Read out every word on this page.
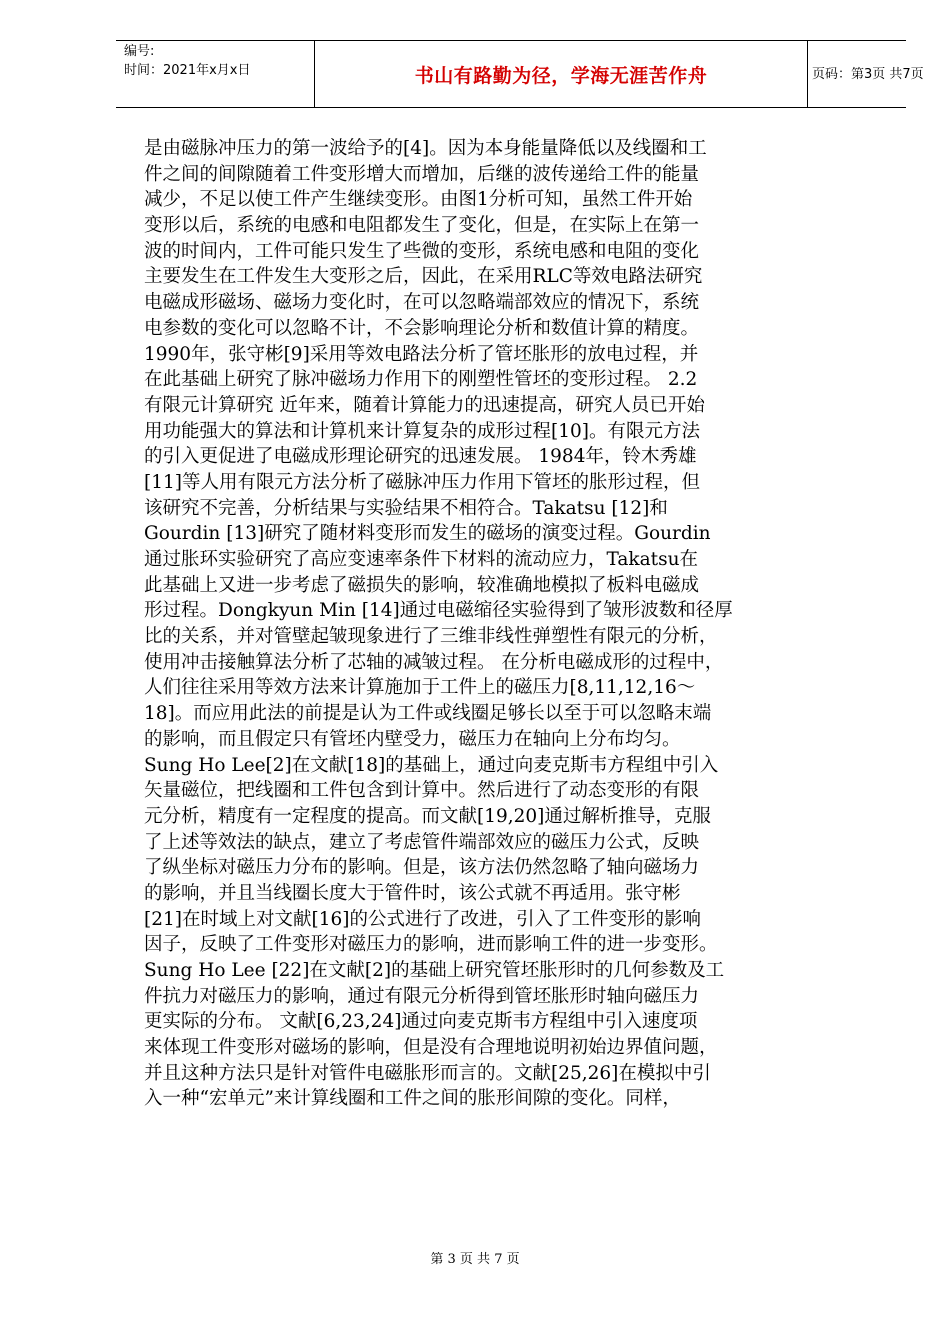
编号:
时间：2021年x月x日	书山有路勤为径，学海无涯苦作舟	页码：第3页 共7页
是由磁脉冲压力的第一波给予的[4]。因为本身能量降低以及线圈和工
件之间的间隙随着工件变形增大而增加，后继的波传递给工件的能量
减少，不足以使工件产生继续变形。由图1分析可知，虽然工件开始
变形以后，系统的电感和电阻都发生了变化，但是，在实际上在第一
波的时间内，工件可能只发生了些微的变形，系统电感和电阻的变化
主要发生在工件发生大变形之后，因此，在采用RLC等效电路法研究
电磁成形磁场、磁场力变化时，在可以忽略端部效应的情况下，系统
电参数的变化可以忽略不计，不会影响理论分析和数值计算的精度。
1990年，张守彬[9]采用等效电路法分析了管坯胀形的放电过程，并
在此基础上研究了脉冲磁场力作用下的刚塑性管坯的变形过程。 2.2
有限元计算研究 近年来，随着计算能力的迅速提高，研究人员已开始
用功能强大的算法和计算机来计算复杂的成形过程[10]。有限元方法
的引入更促进了电磁成形理论研究的迅速发展。 1984年，铃木秀雄
[11]等人用有限元方法分析了磁脉冲压力作用下管坯的胀形过程，但
该研究不完善，分析结果与实验结果不相符合。Takatsu [12]和
Gourdin [13]研究了随材料变形而发生的磁场的演变过程。Gourdin
通过胀环实验研究了高应变速率条件下材料的流动应力，Takatsu在
此基础上又进一步考虑了磁损失的影响，较准确地模拟了板料电磁成
形过程。Dongkyun Min [14]通过电磁缩径实验得到了皱形波数和径厚
比的关系，并对管壁起皱现象进行了三维非线性弹塑性有限元的分析，
使用冲击接触算法分析了芯轴的减皱过程。 在分析电磁成形的过程中，
人们往往采用等效方法来计算施加于工件上的磁压力[8,11,12,16～
18]。而应用此法的前提是认为工件或线圈足够长以至于可以忽略末端
的影响，而且假定只有管坯内壁受力，磁压力在轴向上分布均匀。
Sung Ho Lee[2]在文献[18]的基础上，通过向麦克斯韦方程组中引入
矢量磁位，把线圈和工件包含到计算中。然后进行了动态变形的有限
元分析，精度有一定程度的提高。而文献[19,20]通过解析推导，克服
了上述等效法的缺点，建立了考虑管件端部效应的磁压力公式，反映
了纵坐标对磁压力分布的影响。但是，该方法仍然忽略了轴向磁场力
的影响，并且当线圈长度大于管件时，该公式就不再适用。张守彬
[21]在时域上对文献[16]的公式进行了改进，引入了工件变形的影响
因子，反映了工件变形对磁压力的影响，进而影响工件的进一步变形。
Sung Ho Lee [22]在文献[2]的基础上研究管坯胀形时的几何参数及工
件抗力对磁压力的影响，通过有限元分析得到管坯胀形时轴向磁压力
更实际的分布。 文献[6,23,24]通过向麦克斯韦方程组中引入速度项
来体现工件变形对磁场的影响，但是没有合理地说明初始边界值问题，
并且这种方法只是针对管件电磁胀形而言的。文献[25,26]在模拟中引
入一种“宏单元”来计算线圈和工件之间的胀形间隙的变化。同样，
第 3 页 共 7 页
